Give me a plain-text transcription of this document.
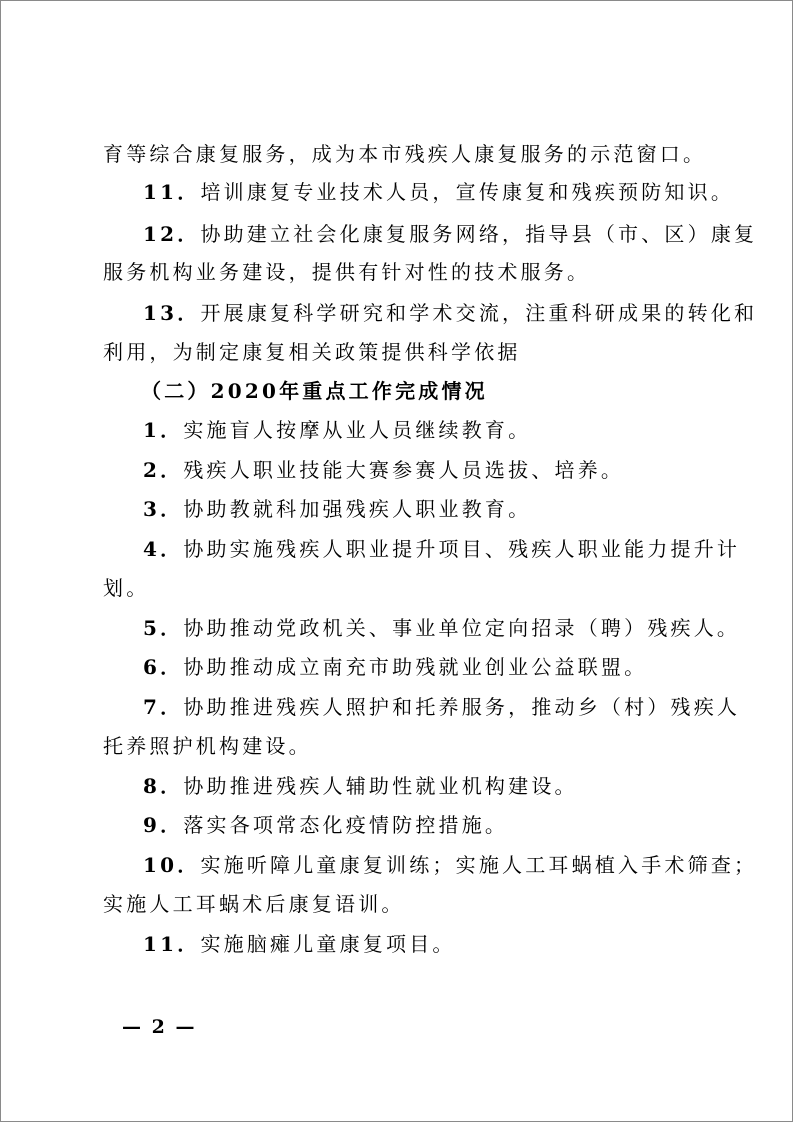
育等综合康复服务，成为本市残疾人康复服务的示范窗口。
11．培训康复专业技术人员，宣传康复和残疾预防知识。
12．协助建立社会化康复服务网络，指导县（市、区）康复
服务机构业务建设，提供有针对性的技术服务。
13．开展康复科学研究和学术交流，注重科研成果的转化和
利用，为制定康复相关政策提供科学依据
（二）2020年重点工作完成情况
1．实施盲人按摩从业人员继续教育。
2．残疾人职业技能大赛参赛人员选拔、培养。
3．协助教就科加强残疾人职业教育。
4．协助实施残疾人职业提升项目、残疾人职业能力提升计
划。
5．协助推动党政机关、事业单位定向招录（聘）残疾人。
6．协助推动成立南充市助残就业创业公益联盟。
7．协助推进残疾人照护和托养服务，推动乡（村）残疾人
托养照护机构建设。
8．协助推进残疾人辅助性就业机构建设。
9．落实各项常态化疫情防控措施。
10．实施听障儿童康复训练；实施人工耳蜗植入手术筛查；
实施人工耳蜗术后康复语训。
11．实施脑瘫儿童康复项目。
— 2 —
